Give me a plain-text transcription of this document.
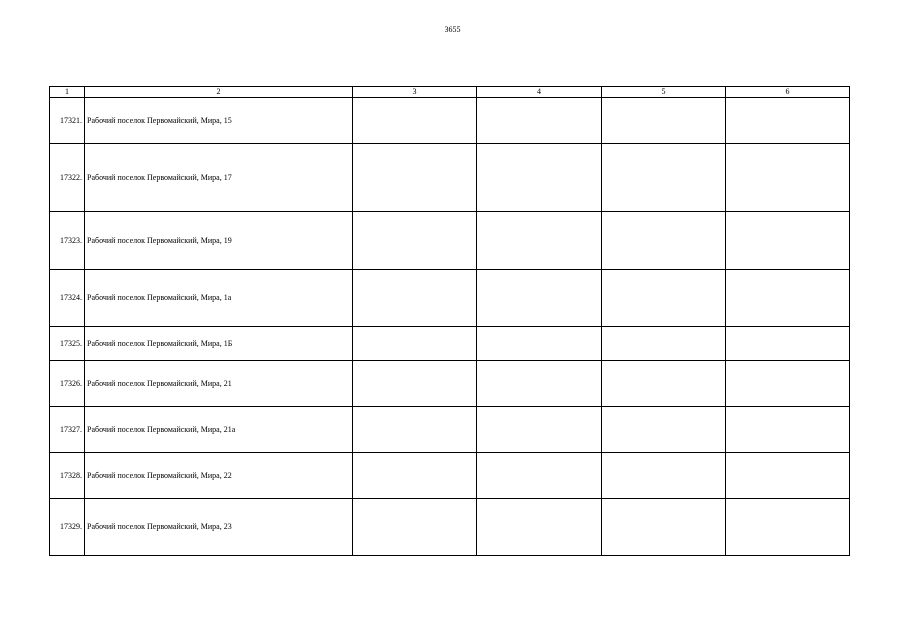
3655
1	2	3	4	5	6
17321.	Рабочий поселок Первомайский, Мира, 15				
17322.	Рабочий поселок Первомайский, Мира, 17				
17323.	Рабочий поселок Первомайский, Мира, 19				
17324.	Рабочий поселок Первомайский, Мира, 1а				
17325.	Рабочий поселок Первомайский, Мира, 1Б				
17326.	Рабочий поселок Первомайский, Мира, 21				
17327.	Рабочий поселок Первомайский, Мира, 21а				
17328.	Рабочий поселок Первомайский, Мира, 22				
17329.	Рабочий поселок Первомайский, Мира, 23				
